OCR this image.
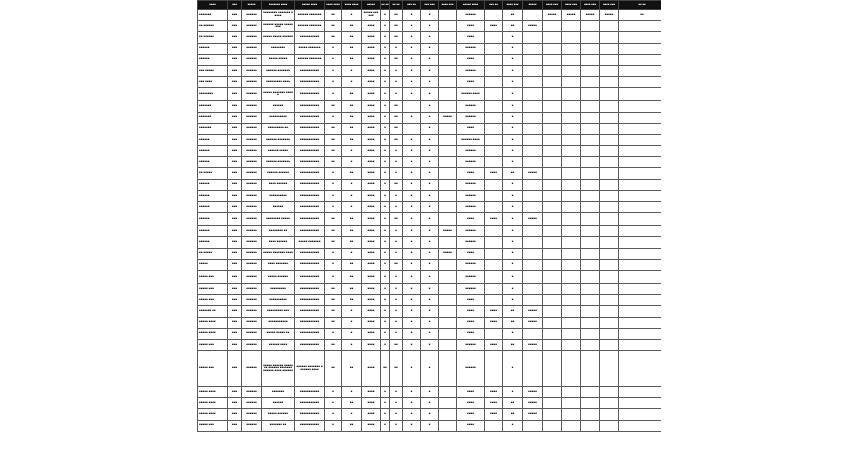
▪▪▪▪	▪▪▪	▪▪▪▪▪	▪▪▪▪▪▪▪ ▪▪▪▪	▪▪▪▪▪ ▪▪▪▪	▪▪▪▪ ▪▪▪▪	▪▪▪▪ ▪▪▪▪	▪▪▪▪▪	▪▪ ▪▪	▪▪ ▪▪	▪▪▪ ▪▪	▪▪▪ ▪▪▪	▪▪▪▪ ▪▪▪	▪▪▪▪▪ ▪▪▪▪	▪▪▪ ▪▪	▪▪▪▪ ▪▪▪	▪▪▪▪▪	▪▪▪▪ ▪▪▪	▪▪▪▪ ▪▪▪	▪▪▪▪ ▪▪▪	▪▪▪▪ ▪▪▪	▪▪ ▪▪
▪▪▪▪▪▪▪	▪▪▪	▪▪▪▪▪▪	▪▪▪▪▪▪▪▪ ▪▪▪▪▪▪▪ ▪▪▪▪▪	▪▪▪▪▪▪ ▪▪▪▪▪▪▪	▪▪	▪	▪▪▪▪▪ ▪▪▪▪▪▪	▪	▪▪	▪	▪		▪▪▪▪▪▪		▪▪		▪▪▪▪▪	▪▪▪▪▪	▪▪▪▪▪	▪▪▪▪▪	▪▪
▪▪ ▪▪▪▪▪▪	▪▪▪	▪▪▪▪▪▪	▪▪▪▪▪▪ ▪▪▪▪▪ ▪▪▪▪▪▪▪▪	▪▪▪▪▪▪ ▪▪▪▪▪▪▪	▪▪	▪▪	▪▪▪▪	▪	▪▪	▪	▪		▪▪▪▪	▪▪▪▪	▪▪	▪▪▪▪▪					
▪▪ ▪▪▪▪▪▪	▪▪▪	▪▪▪▪▪▪	▪▪▪▪▪ ▪▪▪▪▪ ▪▪▪▪▪▪	▪▪▪▪▪▪▪▪▪▪▪	▪▪	▪▪	▪▪▪▪	▪	▪▪	▪	▪		▪▪▪▪		▪						
▪▪▪▪▪▪	▪▪▪	▪▪▪▪▪▪	▪▪▪▪▪▪▪▪	▪▪▪▪▪ ▪▪▪▪▪▪▪	▪	▪▪	▪▪▪▪	▪	▪	▪	▪		▪▪▪▪▪▪		▪						
▪▪▪▪▪▪	▪▪▪	▪▪▪▪▪▪	▪▪▪▪▪ ▪▪▪▪▪	▪▪▪▪▪▪ ▪▪▪▪▪▪▪	▪	▪▪	▪▪▪▪	▪	▪▪	▪	▪		▪▪▪▪		▪						
▪▪▪ ▪▪▪▪▪	▪▪▪	▪▪▪▪▪▪	▪▪▪▪▪▪ ▪▪▪▪▪▪▪	▪▪▪▪▪▪▪▪▪▪▪	▪	▪	▪▪▪▪	▪	▪	▪	▪		▪▪▪▪▪▪		▪						
▪▪▪ ▪▪▪▪	▪▪▪	▪▪▪▪▪▪	▪▪▪▪▪▪▪▪▪ ▪▪▪▪	▪▪▪▪▪▪▪▪▪▪▪	▪	▪	▪▪▪▪	▪	▪	▪	▪		▪▪▪▪		▪						
▪▪▪▪▪▪▪▪	▪▪▪	▪▪▪▪▪▪	▪▪▪▪▪ ▪▪▪▪▪▪▪ ▪▪▪▪▪	▪▪▪▪▪▪▪▪▪▪▪	▪	▪▪	▪▪▪▪	▪	▪	▪	▪		▪▪▪▪▪▪ ▪▪▪▪		▪						
▪▪▪▪▪▪▪	▪▪▪	▪▪▪▪▪▪	▪▪▪▪▪▪	▪▪▪▪▪▪▪▪▪▪▪	▪▪	▪▪	▪▪▪▪	▪	▪▪		▪		▪▪▪▪▪▪		▪						
▪▪▪▪▪▪▪	▪▪▪	▪▪▪▪▪▪	▪▪▪▪▪▪▪▪▪▪	▪▪▪▪▪▪▪▪▪▪▪	▪	▪▪	▪▪▪▪	▪	▪▪	▪	▪	▪▪▪▪▪	▪▪▪▪▪▪		▪						
▪▪▪▪▪▪▪	▪▪▪	▪▪▪▪▪▪	▪▪▪▪▪▪▪▪▪ ▪▪	▪▪▪▪▪▪▪▪▪▪▪	▪▪	▪▪	▪▪▪▪	▪	▪▪		▪		▪▪▪▪		▪						
▪▪▪▪▪▪	▪▪▪	▪▪▪▪▪▪	▪▪▪▪▪▪ ▪▪▪▪▪▪▪	▪▪▪▪▪▪▪▪▪▪▪	▪▪	▪▪	▪▪▪▪	▪	▪▪	▪	▪		▪▪▪▪▪▪ ▪▪▪▪		▪						
▪▪▪▪▪▪	▪▪▪	▪▪▪▪▪▪	▪▪▪▪▪▪ ▪▪▪▪▪	▪▪▪▪▪▪▪▪▪▪▪	▪▪	▪	▪▪▪▪	▪	▪	▪	▪		▪▪▪▪▪▪		▪						
▪▪▪▪▪▪	▪▪▪	▪▪▪▪▪▪	▪▪▪▪▪▪ ▪▪▪▪▪▪▪	▪▪▪▪▪▪▪▪▪▪▪	▪▪	▪	▪▪▪▪	▪	▪	▪	▪		▪▪▪▪▪▪		▪						
▪▪ ▪▪▪▪▪	▪▪▪	▪▪▪▪▪▪	▪▪▪▪▪▪ ▪▪▪▪▪▪	▪▪▪▪▪▪▪▪▪▪▪	▪	▪▪	▪▪▪▪	▪	▪	▪	▪		▪▪▪▪	▪▪▪▪	▪▪	▪▪▪▪▪					
▪▪▪▪▪▪	▪▪▪	▪▪▪▪▪▪	▪▪▪▪ ▪▪▪▪▪▪	▪▪▪▪▪▪▪▪▪▪▪	▪	▪	▪▪▪▪	▪	▪▪	▪	▪		▪▪▪▪▪▪		▪						
▪▪▪▪▪▪	▪▪▪	▪▪▪▪▪▪	▪▪▪▪▪▪▪▪▪▪	▪▪▪▪▪▪▪▪▪▪▪	▪	▪	▪▪▪▪	▪	▪	▪	▪		▪▪▪▪▪▪		▪						
▪▪▪▪▪▪	▪▪▪	▪▪▪▪▪▪	▪▪▪▪▪▪	▪▪▪▪▪▪▪▪▪▪▪	▪	▪	▪▪▪▪	▪	▪	▪	▪		▪▪▪▪▪▪		▪						
▪▪▪▪▪▪	▪▪▪	▪▪▪▪▪▪	▪▪▪▪▪▪▪▪ ▪▪▪▪▪	▪▪▪▪▪▪▪▪▪▪▪	▪▪	▪▪	▪▪▪▪	▪	▪▪	▪	▪		▪▪▪▪	▪▪▪▪	▪	▪▪▪▪▪					
▪▪▪▪▪▪	▪▪▪	▪▪▪▪▪▪	▪▪▪▪▪▪▪▪ ▪▪	▪▪▪▪▪▪▪▪▪▪▪	▪▪	▪▪	▪▪▪▪	▪	▪	▪	▪	▪▪▪▪▪	▪▪▪▪▪▪		▪						
▪▪▪▪▪▪	▪▪▪	▪▪▪▪▪▪	▪▪▪▪ ▪▪▪▪▪▪	▪▪▪▪▪ ▪▪▪▪▪▪▪	▪▪	▪▪	▪▪▪▪	▪	▪	▪	▪		▪▪▪▪▪▪		▪						
▪▪ ▪▪▪▪▪	▪▪▪	▪▪▪▪▪▪	▪▪▪▪▪ ▪▪▪▪▪▪▪ ▪▪▪▪	▪▪▪▪▪▪▪▪▪▪▪	▪	▪	▪▪▪▪	▪	▪	▪	▪	▪▪▪▪▪	▪▪▪▪		▪						
▪▪▪▪▪	▪▪▪	▪▪▪▪▪▪	▪▪▪▪ ▪▪▪▪▪▪▪	▪▪▪▪▪▪▪▪▪▪▪	▪	▪▪	▪▪▪▪	▪	▪▪	▪	▪		▪▪▪▪▪▪		▪						
▪▪▪▪▪ ▪▪▪	▪▪▪	▪▪▪▪▪▪	▪▪▪▪▪ ▪▪▪▪▪▪	▪▪▪▪▪▪▪▪▪▪▪	▪	▪▪	▪▪▪▪	▪	▪	▪	▪		▪▪▪▪▪▪		▪						
▪▪▪▪▪ ▪▪▪	▪▪▪	▪▪▪▪▪▪	▪▪▪▪▪▪▪▪▪	▪▪▪▪▪▪▪▪▪▪▪	▪▪	▪▪	▪▪▪▪	▪	▪	▪	▪		▪▪▪▪▪▪		▪						
▪▪▪▪▪ ▪▪▪	▪▪▪	▪▪▪▪▪▪	▪▪▪▪▪▪▪▪▪▪	▪▪▪▪▪▪▪▪▪▪▪	▪▪	▪▪	▪▪▪▪	▪	▪	▪	▪		▪▪▪▪		▪						
▪▪▪▪▪▪▪ ▪▪	▪▪▪	▪▪▪▪▪▪	▪▪▪▪▪▪▪▪▪ ▪▪▪	▪▪▪▪▪▪▪▪▪▪▪	▪▪	▪	▪▪▪▪	▪	▪	▪	▪		▪▪▪▪	▪▪▪▪	▪▪	▪▪▪▪▪					
▪▪▪▪▪ ▪▪▪▪	▪▪▪	▪▪▪▪▪▪	▪▪▪▪▪▪▪▪▪▪▪	▪▪▪▪▪▪▪▪▪▪▪	▪▪	▪	▪▪▪▪	▪	▪	▪	▪		▪▪▪▪	▪▪▪▪	▪▪	▪▪▪▪▪					
▪▪▪▪▪ ▪▪▪▪	▪▪▪	▪▪▪▪▪▪	▪▪▪▪▪ ▪▪▪▪▪ ▪▪	▪▪▪▪▪▪▪▪▪▪▪	▪	▪	▪▪▪▪	▪	▪	▪	▪		▪▪▪▪		▪						
▪▪▪▪▪ ▪▪▪	▪▪▪	▪▪▪▪▪▪	▪▪▪▪▪▪ ▪▪▪▪	▪▪▪▪▪▪▪▪▪▪▪	▪▪	▪	▪▪▪▪	▪	▪▪	▪	▪		▪▪▪▪▪▪	▪▪▪▪	▪▪	▪▪▪▪▪					
▪▪▪▪▪ ▪▪▪	▪▪▪	▪▪▪▪▪▪	▪▪▪▪▪ ▪▪▪▪▪▪ ▪▪▪▪▪▪▪ ▪▪▪▪▪▪ ▪▪▪▪▪▪▪ ▪▪▪▪▪▪ ▪▪▪▪ ▪▪▪▪▪▪	▪▪▪▪▪▪ ▪▪▪▪▪▪▪ ▪▪▪▪▪▪▪ ▪▪▪▪	▪▪	▪▪	▪▪▪▪	▪▪	▪▪	▪	▪		▪▪▪▪▪▪		▪						
▪▪▪▪▪ ▪▪▪▪	▪▪▪	▪▪▪▪▪▪	▪▪▪▪▪▪▪	▪▪▪▪▪▪▪▪▪▪▪	▪	▪	▪▪▪▪	▪	▪	▪	▪		▪▪▪▪	▪▪▪▪	▪	▪▪▪▪▪					
▪▪▪▪▪ ▪▪▪▪	▪▪▪	▪▪▪▪▪▪	▪▪▪▪▪▪	▪▪▪▪▪▪▪▪▪▪▪	▪	▪▪	▪▪▪▪	▪	▪	▪	▪		▪▪▪▪	▪▪▪▪	▪▪	▪▪▪▪▪					
▪▪▪▪▪ ▪▪▪▪	▪▪▪	▪▪▪▪▪▪	▪▪▪▪▪ ▪▪▪▪▪▪	▪▪▪▪▪▪▪▪▪▪▪	▪	▪	▪▪▪▪	▪	▪	▪	▪		▪▪▪▪	▪▪▪▪	▪▪	▪▪▪▪▪					
▪▪▪▪▪ ▪▪▪	▪▪▪	▪▪▪▪▪▪	▪▪▪▪▪▪▪ ▪▪	▪▪▪▪▪▪▪▪▪▪▪	▪	▪▪	▪▪▪▪	▪	▪	▪	▪		▪▪▪▪		▪						
